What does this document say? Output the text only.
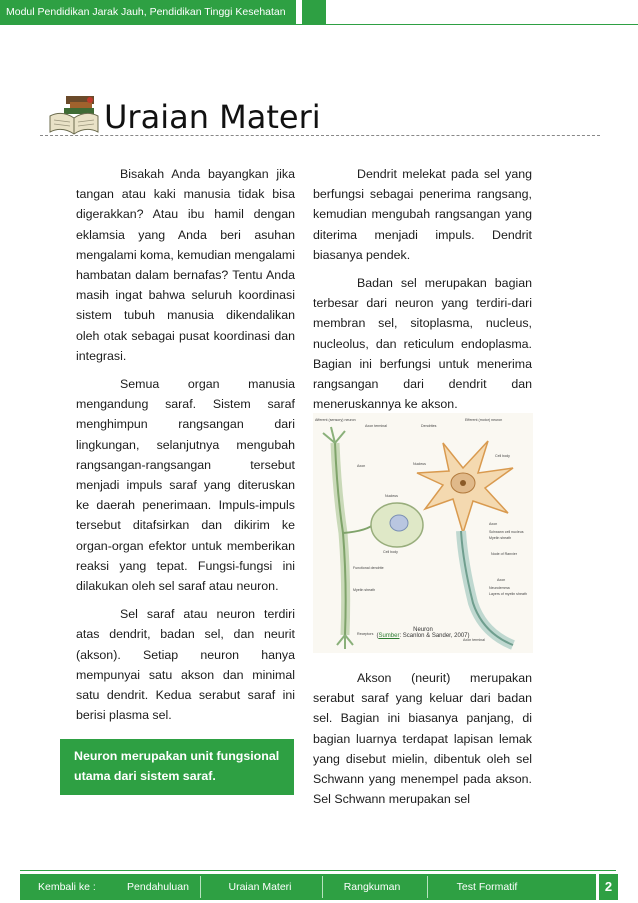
Modul Pendidikan Jarak Jauh, Pendidikan Tinggi Kesehatan
Uraian Materi

Bisakah Anda bayangkan jika tangan atau kaki manusia tidak bisa digerakkan? Atau ibu hamil dengan eklamsia yang Anda beri asuhan mengalami koma, kemudian mengalami hambatan dalam bernafas? Tentu Anda masih ingat bahwa seluruh koordinasi sistem tubuh manusia dikendalikan oleh otak sebagai pusat koordinasi dan integrasi.

Semua organ manusia mengandung saraf. Sistem saraf menghimpun rangsangan dari lingkungan, selanjutnya mengubah rangsangan-rangsangan tersebut menjadi impuls saraf yang diteruskan ke daerah penerimaan. Impuls-impuls tersebut ditafsirkan dan dikirim ke organ-organ efektor untuk memberikan reaksi yang tepat. Fungsi-fungsi ini dilakukan oleh sel saraf atau neuron.

Sel saraf atau neuron terdiri atas dendrit, badan sel, dan neurit (akson). Setiap neuron hanya mempunyai satu akson dan minimal satu dendrit. Kedua serabut saraf ini berisi plasma sel.

Neuron merupakan unit fungsional utama dari sistem saraf.

Dendrit melekat pada sel yang berfungsi sebagai penerima rangsang, kemudian mengubah rangsangan yang diterima menjadi impuls. Dendrit biasanya pendek.

Badan sel merupakan bagian terbesar dari neuron yang terdiri-dari membran sel, sitoplasma, nucleus, nucleolus, dan reticulum endoplasma. Bagian ini berfungsi untuk menerima rangsangan dari dendrit dan meneruskannya ke akson.

Afferent (sensory) neuron
Axon terminal	Dendrites
Efferent (motor) neuron
Axon	Nucleus
Cell body
Nucleus
Axon
Schwann cell nucleus
Myelin sheath
Cell body	Node of Ranvier
Functional dendrite
Axon
Myelin sheath	Neurolemma
Layers of myelin sheath
Receptors
Axon terminal
Neuron
(Sumber: Scanlon & Sander, 2007)

Akson (neurit) merupakan serabut saraf yang keluar dari badan sel. Bagian ini biasanya panjang, di bagian luarnya terdapat lapisan lemak yang disebut mielin, dibentuk oleh sel Schwann yang menempel pada akson. Sel Schwann merupakan sel

Kembali ke :	Pendahuluan	Uraian Materi	Rangkuman	Test Formatif	2
